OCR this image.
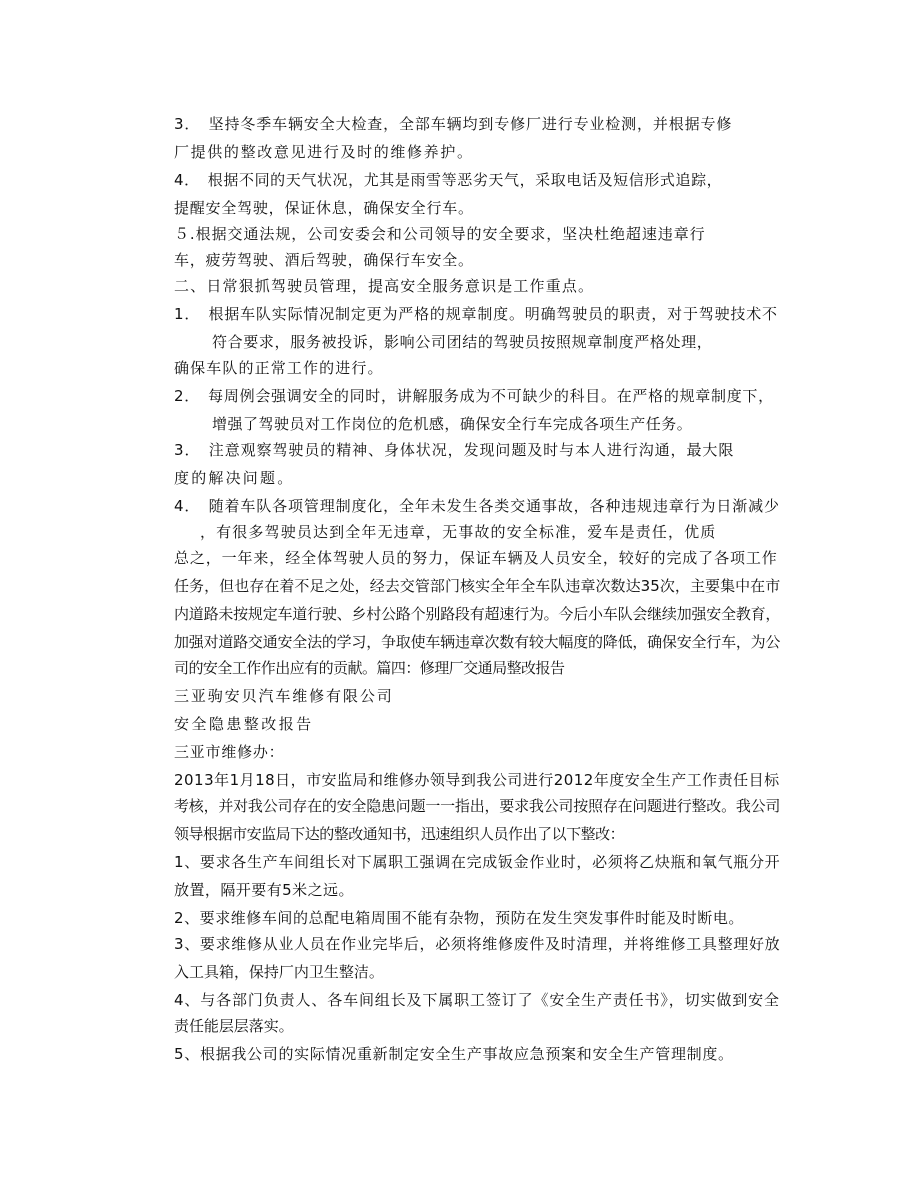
3．　坚持冬季车辆安全大检查，全部车辆均到专修厂进行专业检测，并根据专修
厂提供的整改意见进行及时的维修养护。
4．　根据不同的天气状况，尤其是雨雪等恶劣天气，采取电话及短信形式追踪，
提醒安全驾驶，保证休息，确保安全行车。
５.根据交通法规，公司安委会和公司领导的安全要求，坚决杜绝超速违章行
车，疲劳驾驶、酒后驾驶，确保行车安全。
二、日常狠抓驾驶员管理，提高安全服务意识是工作重点。
1．　根据车队实际情况制定更为严格的规章制度。明确驾驶员的职责，对于驾驶技术不
符合要求，服务被投诉，影响公司团结的驾驶员按照规章制度严格处理，
确保车队的正常工作的进行。
2．　每周例会强调安全的同时，讲解服务成为不可缺少的科目。在严格的规章制度下，
增强了驾驶员对工作岗位的危机感，确保安全行车完成各项生产任务。
3．　注意观察驾驶员的精神、身体状况，发现问题及时与本人进行沟通，最大限
度的解决问题。
4．　随着车队各项管理制度化，全年未发生各类交通事故，各种违规违章行为日渐减少
，有很多驾驶员达到全年无违章，无事故的安全标准，爱车是责任，优质
总之，一年来，经全体驾驶人员的努力，保证车辆及人员安全，较好的完成了各项工作
任务，但也存在着不足之处，经去交管部门核实全年全车队违章次数达35次，主要集中在市
内道路未按规定车道行驶、乡村公路个别路段有超速行为。今后小车队会继续加强安全教育，
加强对道路交通安全法的学习，争取使车辆违章次数有较大幅度的降低，确保安全行车，为公
司的安全工作作出应有的贡献。篇四：修理厂交通局整改报告
三亚驹安贝汽车维修有限公司
安全隐患整改报告
三亚市维修办：
2013年1月18日，市安监局和维修办领导到我公司进行2012年度安全生产工作责任目标
考核，并对我公司存在的安全隐患问题一一指出，要求我公司按照存在问题进行整改。我公司
领导根据市安监局下达的整改通知书，迅速组织人员作出了以下整改：
1、要求各生产车间组长对下属职工强调在完成钣金作业时，必须将乙炔瓶和氧气瓶分开
放置，隔开要有5米之远。
2、要求维修车间的总配电箱周围不能有杂物，预防在发生突发事件时能及时断电。
3、要求维修从业人员在作业完毕后，必须将维修废件及时清理，并将维修工具整理好放
入工具箱，保持厂内卫生整洁。
4、与各部门负责人、各车间组长及下属职工签订了《安全生产责任书》，切实做到安全
责任能层层落实。
5、根据我公司的实际情况重新制定安全生产事故应急预案和安全生产管理制度。
